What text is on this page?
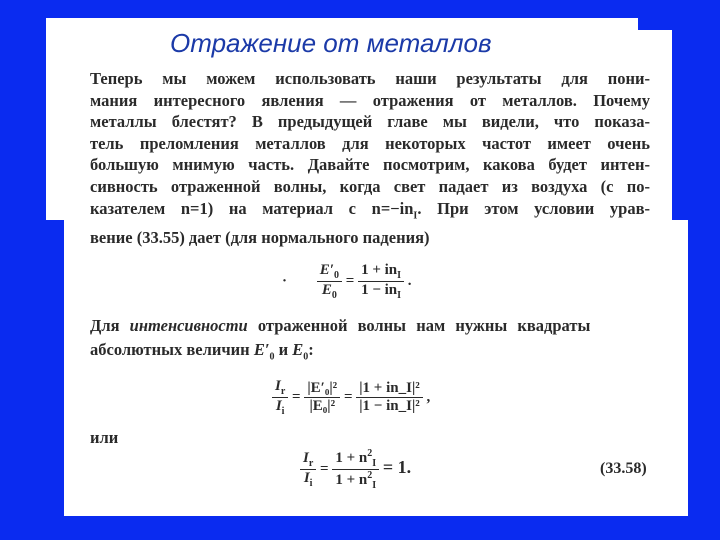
Отражение от металлов
Теперь мы можем использовать наши результаты для пони-
мания интересного явления — отражения от металлов. Почему
металлы блестят? В предыдущей главе мы видели, что показа-
тель преломления металлов для некоторых частот имеет очень
большую мнимую часть. Давайте посмотрим, какова будет интен-
сивность отраженной волны, когда свет падает из воздуха (с по-
казателем n=1) на материал с $n=-in_I$. При этом условии урав-
вение (33.55) дает (для нормального падения)
· $\frac{E'_0}{E_0} = \frac{1 + in_I}{1 - in_I}$ .
Для интенсивности отраженной волны нам нужны квадраты
абсолютных величин $E'_0$ и $E_0$:
$\frac{I_r}{I_i} = \frac{\text{|E′₀|²}}{\text{|E₀|²}} = \frac{\text{|1 + in\_I|²}}{\text{|1 − in\_I|²}}$ ,
или
$\frac{I_r}{I_i} = \frac{1 + n^2_I}{1 + n^2_I} = 1$.	(33.58)
